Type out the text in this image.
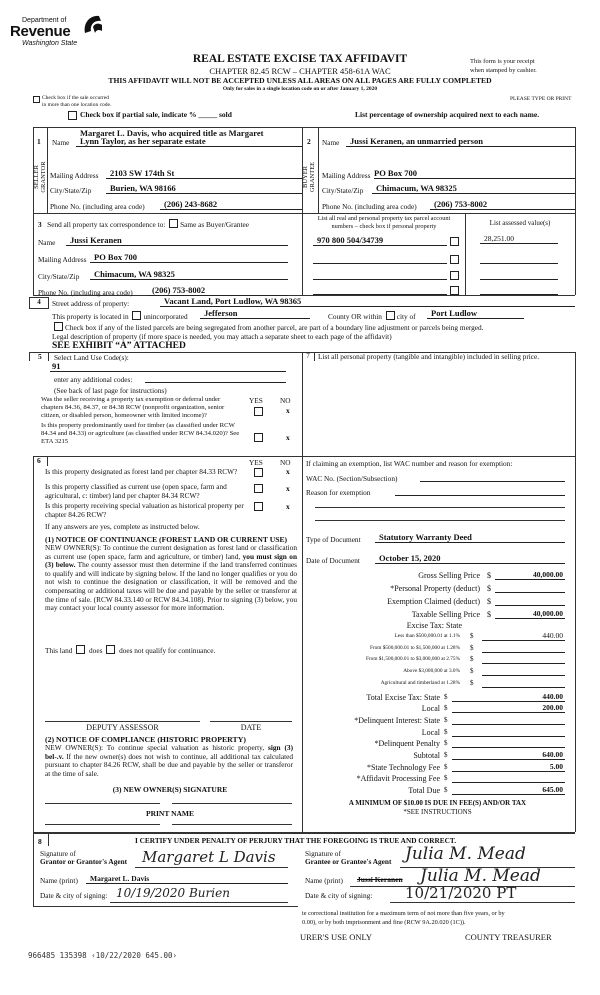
Department of
Revenue
Washington State
REAL ESTATE EXCISE TAX AFFIDAVIT
CHAPTER 82.45 RCW – CHAPTER 458-61A WAC
THIS AFFIDAVIT WILL NOT BE ACCEPTED UNLESS ALL AREAS ON ALL PAGES ARE FULLY COMPLETED
Only for sales in a single location code on or after January 1, 2020
This form is your receipt
when stamped by cashier.
Check box if the sale occurred
in more than one location code.
PLEASE TYPE OR PRINT
Check box if partial sale, indicate % _____ sold	List percentage of ownership acquired next to each name.
1 Name
Margaret L. Davis, who acquired title as Margaret
Lynn Taylor, as her separate estate
SELLER GRANTOR Mailing Address	2103 SW 174th St
City/State/Zip	Burien, WA 98166
Phone No. (including area code)	(206) 243-8682
2 Name	Jussi Keranen, an unmarried person
BUYER GRANTEE Mailing Address PO Box 700
City/State/Zip	Chimacum, WA 98325
Phone No. (including area code)	(206) 753-8002
3 Send all property tax correspondence to: Same as Buyer/Grantee
Name	Jussi Keranen
Mailing Address PO Box 700
City/State/Zip	Chimacum, WA 98325
Phone No. (including area code)	(206) 753-8002
List all real and personal property tax parcel account
numbers – check box if personal property	List assessed value(s)
970 800 504/34739	28,251.00
4	Street address of property:	Vacant Land, Port Ludlow, WA 98365
This property is located in unincorporated	Jefferson	County OR within city of	Port Ludlow
Check box if any of the listed parcels are being segregated from another parcel, are part of a boundary line adjustment or parcels being merged.
Legal description of property (if more space is needed, you may attach a separate sheet to each page of the affidavit)
SEE EXHIBIT “A” ATTACHED
5 Select Land Use Code(s):
91
enter any additional codes:
(See back of last page for instructions)
YES NO
Was the seller receiving a property tax exemption or deferral under chapters 84.36, 84.37, or 84.38 RCW (nonprofit organization, senior citizen, or disabled person, homeowner with limited income)?
x
Is this property predominantly used for timber (as classified under RCW 84.34 and 84.33) or agriculture (as classified under RCW 84.34.020)? See ETA 3215	x
7	List all personal property (tangible and intangible) included in selling price.
6	YES NO
Is this property designated as forest land per chapter 84.33 RCW?	x
Is this property classified as current use (open space, farm and agricultural, c: timber) land per chapter 84.34 RCW?
x
Is this property receiving special valuation as historical property per chapter 84.26 RCW?
x
If any answers are yes, complete as instructed below.
(1) NOTICE OF CONTINUANCE (FOREST LAND OR CURRENT USE)
NEW OWNER(S): To continue the current designation as forest land or classification as current use (open space, farm and agriculture, or timber) land, you must sign on (3) below. The county assessor must then determine if the land transferred continues to qualify and will indicate by signing below. If the land no longer qualifies or you do not wish to continue the designation or classification, it will be removed and the compensating or additional taxes will be due and payable by the seller or transferor at the time of sale. (RCW 84.33.140 or RCW 84.34.108). Prior to signing (3) below, you may contact your local county assessor for more information.
This land does does not qualify for continuance.
DEPUTY ASSESSOR	DATE
(2) NOTICE OF COMPLIANCE (HISTORIC PROPERTY)
NEW OWNER(S): To continue special valuation as historic property, sign (3) bel-.v. If the new owner(s) does not wish to continue, all additional tax calculated pursuant to chapter 84.26 RCW, shall be due and payable by the seller or transferor at the time of sale.
(3) NEW OWNER(S) SIGNATURE
PRINT NAME
If claiming an exemption, list WAC number and reason for exemption:
WAC No. (Section/Subsection)
Reason for exemption
Type of Document	Statutory Warranty Deed
Date of Document	October 15, 2020
Gross Selling Price $	40,000.00
*Personal Property (deduct) $
Exemption Claimed (deduct) $
Taxable Selling Price $	40,000.00
Excise Tax: State
Less than $500,000.01 at 1.1% $	440.00
From $500,000.01 to $1,500,000 at 1.28% $
From $1,500,000.01 to $3,000,000 at 2.75% $
Above $3,000,000 at 3.0% $
Agricultural and timberland at 1.28% $
Total Excise Tax: State $	440.00
Local $	200.00
*Delinquent Interest: State $
Local $
*Delinquent Penalty $
Subtotal $	640.00
*State Technology Fee $	5.00
*Affidavit Processing Fee $
Total Due $	645.00
A MINIMUM OF $10.00 IS DUE IN FEE(S) AND/OR TAX
*SEE INSTRUCTIONS
8	I CERTIFY UNDER PENALTY OF PERJURY THAT THE FOREGOING IS TRUE AND CORRECT.
Signature of
Grantor or Grantor's Agent Margaret L Davis
Name (print)	Margaret L. Davis
Date & city of signing: 10/19/2020 Burien
Signature of
Grantee or Grantee's Agent Julia M. Mead
Name (print) Jussi Keranen Julia M. Mead
Date & city of signing: 10/21/2020 PT
te correctional institution for a maximum term of not more than five years, or by
0.00), or by both imprisonment and fine (RCW 9A.20.020 (1C)).
URER'S USE ONLY	COUNTY TREASURER
966485 135398 ‹10/22/2020 645.00›
